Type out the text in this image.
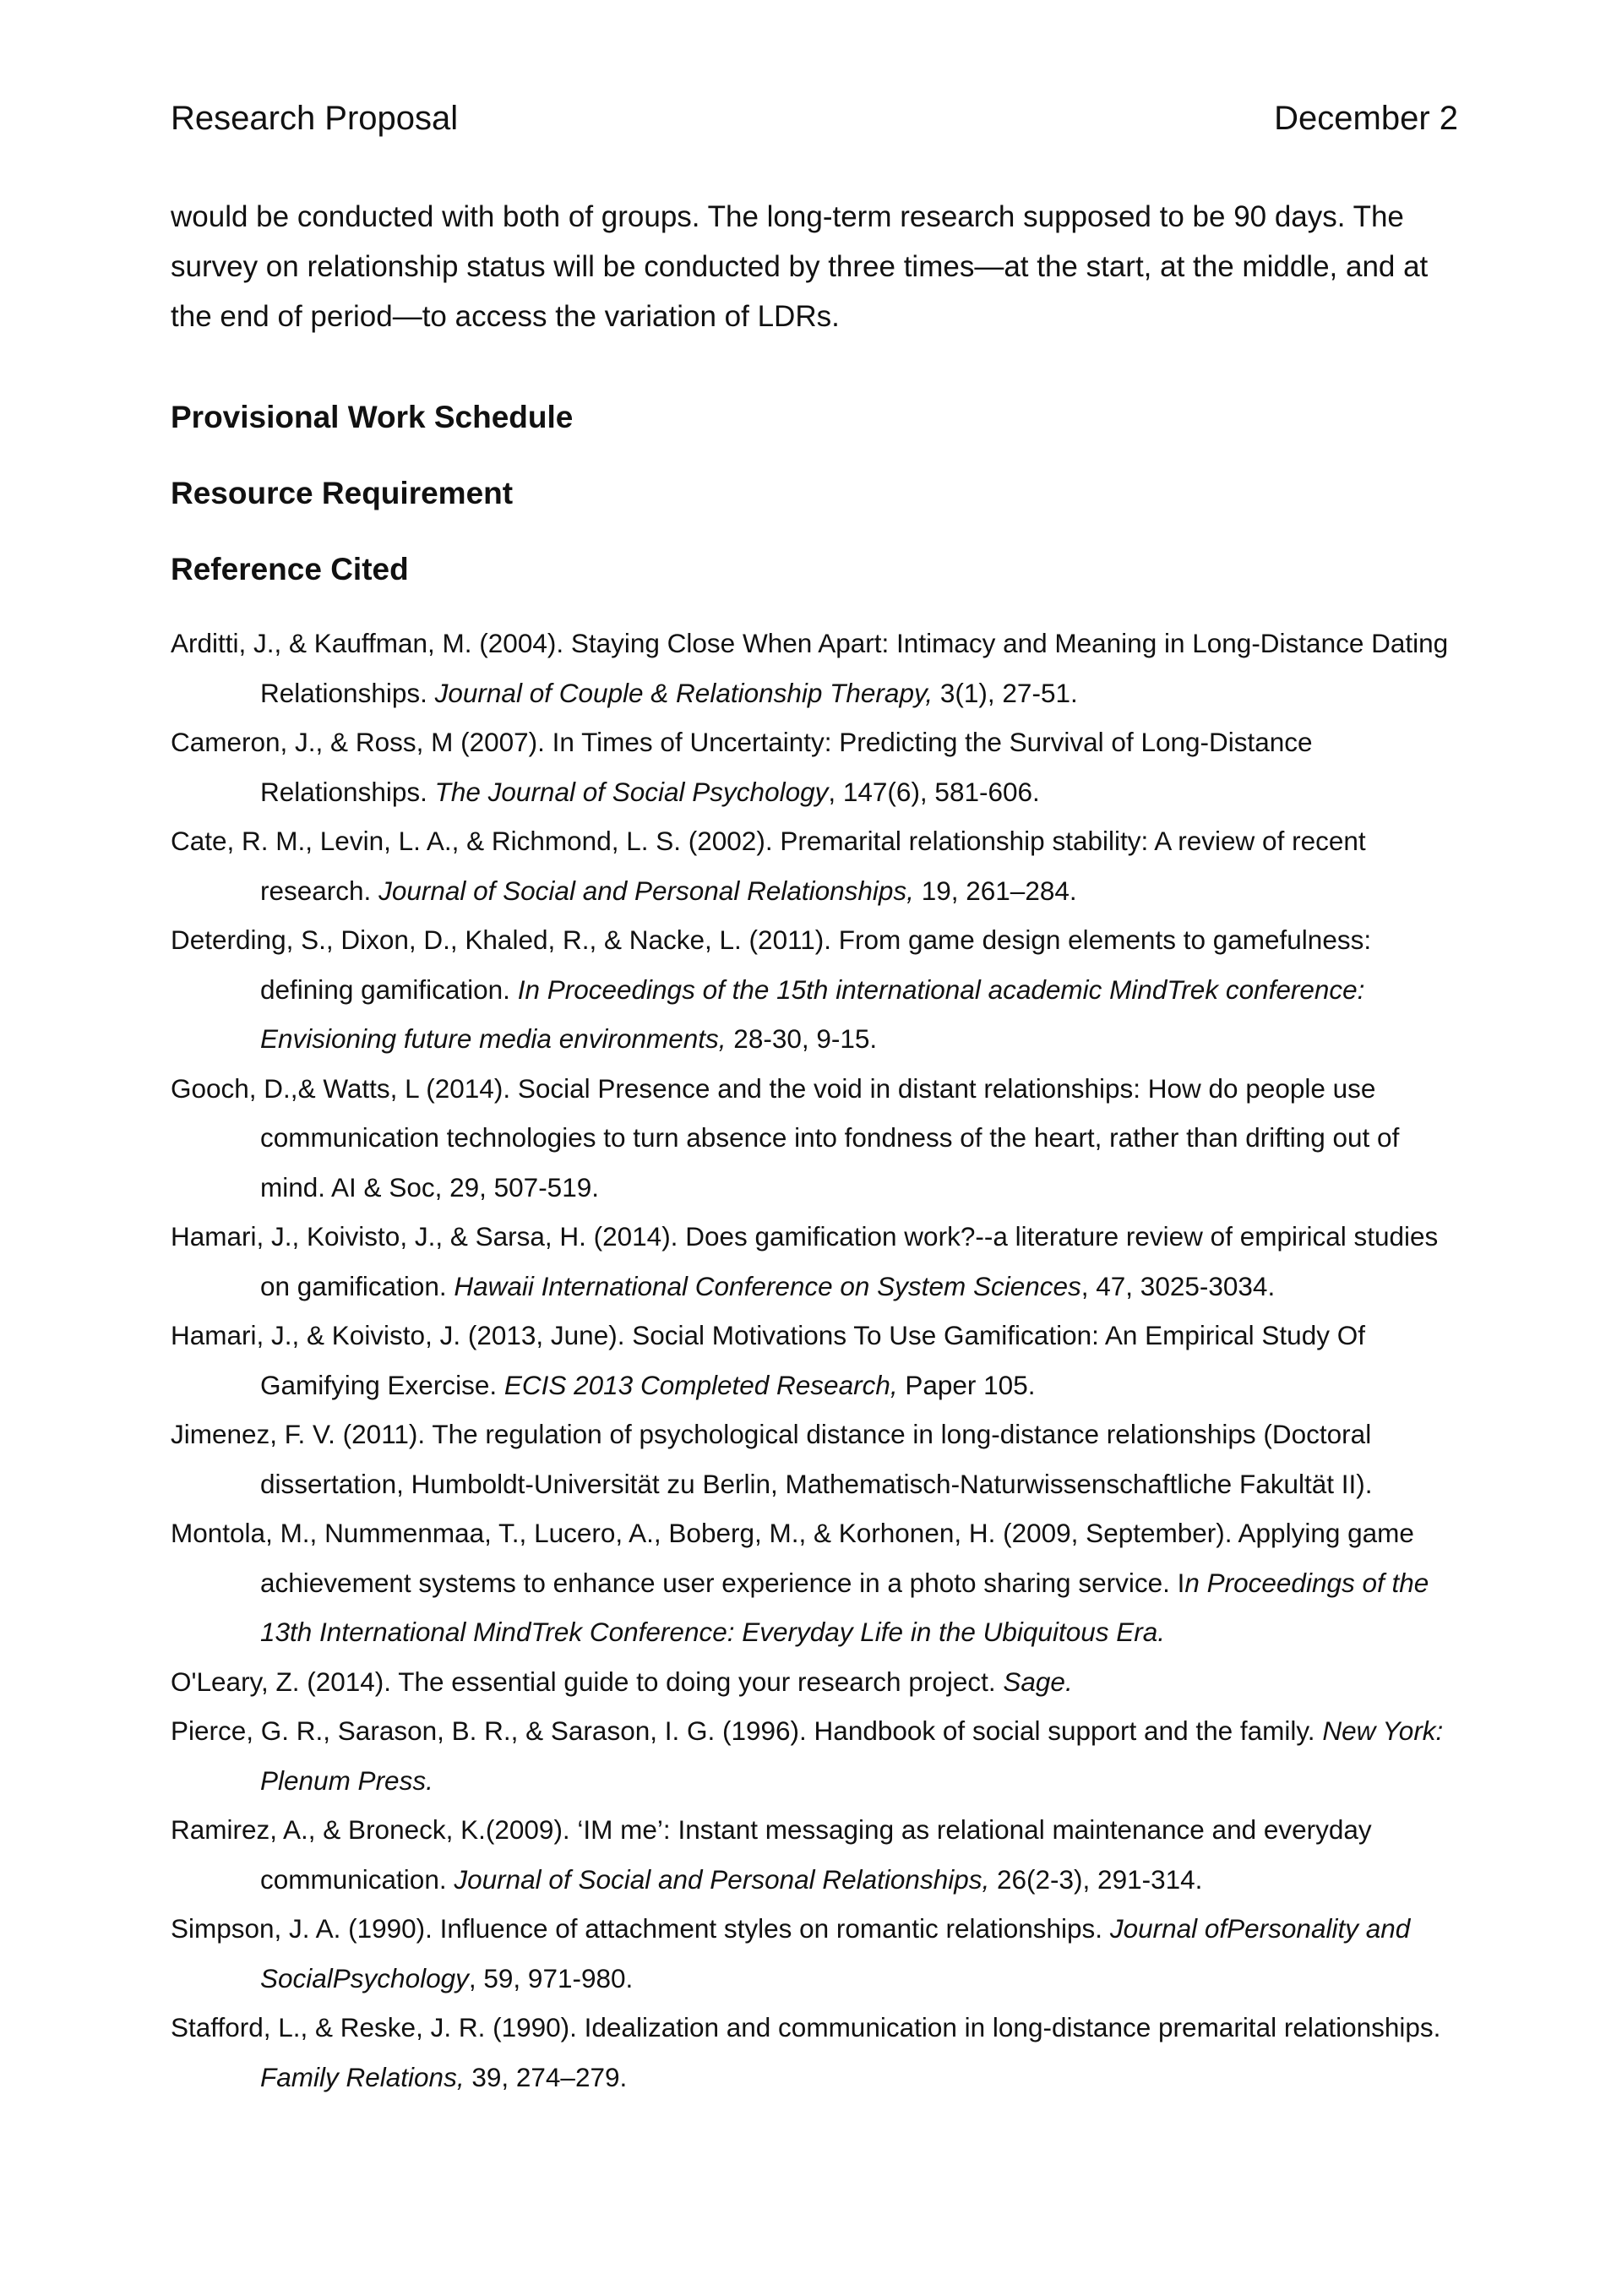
Research Proposal	December 2

would be conducted with both of groups. The long-term research supposed to be 90 days. The survey on relationship status will be conducted by three times—at the start, at the middle, and at the end of period—to access the variation of LDRs.

Provisional Work Schedule
Resource Requirement
Reference Cited
Arditti, J., & Kauffman, M. (2004). Staying Close When Apart: Intimacy and Meaning in Long-Distance Dating Relationships. Journal of Couple & Relationship Therapy, 3(1), 27-51.
Cameron, J., & Ross, M (2007). In Times of Uncertainty: Predicting the Survival of Long-Distance Relationships. The Journal of Social Psychology, 147(6), 581-606.
Cate, R. M., Levin, L. A., & Richmond, L. S. (2002). Premarital relationship stability: A review of recent research. Journal of Social and Personal Relationships, 19, 261–284.
Deterding, S., Dixon, D., Khaled, R., & Nacke, L. (2011). From game design elements to gamefulness: defining gamification. In Proceedings of the 15th international academic MindTrek conference: Envisioning future media environments, 28-30, 9-15.
Gooch, D.,& Watts, L (2014). Social Presence and the void in distant relationships: How do people use communication technologies to turn absence into fondness of the heart, rather than drifting out of mind. AI & Soc, 29, 507-519.
Hamari, J., Koivisto, J., & Sarsa, H. (2014). Does gamification work?--a literature review of empirical studies on gamification. Hawaii International Conference on System Sciences, 47, 3025-3034.
Hamari, J., & Koivisto, J. (2013, June). Social Motivations To Use Gamification: An Empirical Study Of Gamifying Exercise. ECIS 2013 Completed Research, Paper 105.
Jimenez, F. V. (2011). The regulation of psychological distance in long-distance relationships (Doctoral dissertation, Humboldt-Universität zu Berlin, Mathematisch-Naturwissenschaftliche Fakultät II).
Montola, M., Nummenmaa, T., Lucero, A., Boberg, M., & Korhonen, H. (2009, September). Applying game achievement systems to enhance user experience in a photo sharing service. In Proceedings of the 13th International MindTrek Conference: Everyday Life in the Ubiquitous Era.
O'Leary, Z. (2014). The essential guide to doing your research project. Sage.
Pierce, G. R., Sarason, B. R., & Sarason, I. G. (1996). Handbook of social support and the family. New York: Plenum Press.
Ramirez, A., & Broneck, K.(2009). ‘IM me’: Instant messaging as relational maintenance and everyday communication. Journal of Social and Personal Relationships, 26(2-3), 291-314.
Simpson, J. A. (1990). Influence of attachment styles on romantic relationships. Journal ofPersonality and SocialPsychology, 59, 971-980.
Stafford, L., & Reske, J. R. (1990). Idealization and communication in long-distance premarital relationships. Family Relations, 39, 274–279.
